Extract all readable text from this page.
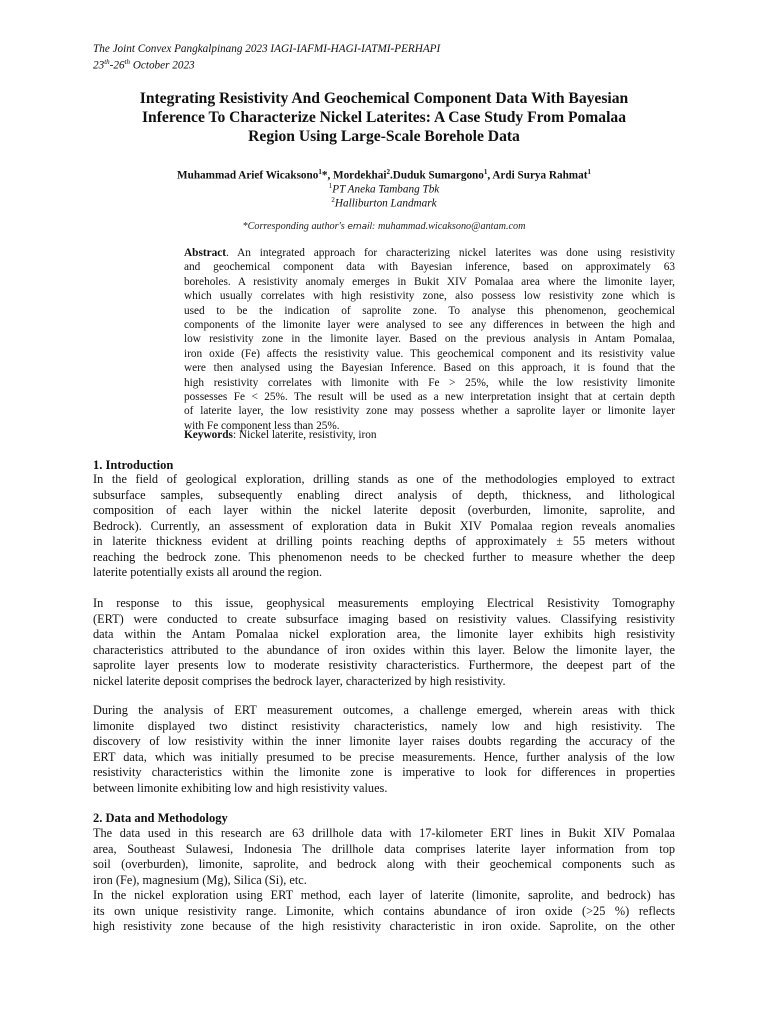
The Joint Convex Pangkalpinang 2023 IAGI-IAFMI-HAGI-IATMI-PERHAPI
23th-26th October 2023
Integrating Resistivity And Geochemical Component Data With Bayesian
Inference To Characterize Nickel Laterites: A Case Study From Pomalaa
Region Using Large-Scale Borehole Data
Muhammad Arief Wicaksono$^1$*, Mordekhai$^2$.Duduk Sumargono$^1$, Ardi Surya Rahmat$^1$
$^1$PT Aneka Tambang Tbk
$^2$Halliburton Landmark
*Corresponding author's email: muhammad.wicaksono@antam.com
Abstract. An integrated approach for characterizing nickel laterites was done using resistivity
and geochemical component data with Bayesian inference, based on approximately 63
boreholes. A resistivity anomaly emerges in Bukit XIV Pomalaa area where the limonite layer,
which usually correlates with high resistivity zone, also possess low resistivity zone which is
used to be the indication of saprolite zone. To analyse this phenomenon, geochemical
components of the limonite layer were analysed to see any differences in between the high and
low resistivity zone in the limonite layer. Based on the previous analysis in Antam Pomalaa,
iron oxide (Fe) affects the resistivity value. This geochemical component and its resistivity value
were then analysed using the Bayesian Inference. Based on this approach, it is found that the
high resistivity correlates with limonite with Fe > 25%, while the low resistivity limonite
possesses Fe < 25%. The result will be used as a new interpretation insight that at certain depth
of laterite layer, the low resistivity zone may possess whether a saprolite layer or limonite layer
with Fe component less than 25%.
Keywords: Nickel laterite, resistivity, iron
1. Introduction
In the field of geological exploration, drilling stands as one of the methodologies employed to extract
subsurface samples, subsequently enabling direct analysis of depth, thickness, and lithological
composition of each layer within the nickel laterite deposit (overburden, limonite, saprolite, and
Bedrock). Currently, an assessment of exploration data in Bukit XIV Pomalaa region reveals anomalies
in laterite thickness evident at drilling points reaching depths of approximately ± 55 meters without
reaching the bedrock zone. This phenomenon needs to be checked further to measure whether the deep
laterite potentially exists all around the region.
In response to this issue, geophysical measurements employing Electrical Resistivity Tomography
(ERT) were conducted to create subsurface imaging based on resistivity values. Classifying resistivity
data within the Antam Pomalaa nickel exploration area, the limonite layer exhibits high resistivity
characteristics attributed to the abundance of iron oxides within this layer. Below the limonite layer, the
saprolite layer presents low to moderate resistivity characteristics. Furthermore, the deepest part of the
nickel laterite deposit comprises the bedrock layer, characterized by high resistivity.
During the analysis of ERT measurement outcomes, a challenge emerged, wherein areas with thick
limonite displayed two distinct resistivity characteristics, namely low and high resistivity. The
discovery of low resistivity within the inner limonite layer raises doubts regarding the accuracy of the
ERT data, which was initially presumed to be precise measurements. Hence, further analysis of the low
resistivity characteristics within the limonite zone is imperative to look for differences in properties
between limonite exhibiting low and high resistivity values.
2. Data and Methodology
The data used in this research are 63 drillhole data with 17-kilometer ERT lines in Bukit XIV Pomalaa
area, Southeast Sulawesi, Indonesia The drillhole data comprises laterite layer information from top
soil (overburden), limonite, saprolite, and bedrock along with their geochemical components such as
iron (Fe), magnesium (Mg), Silica (Si), etc.
In the nickel exploration using ERT method, each layer of laterite (limonite, saprolite, and bedrock) has
its own unique resistivity range. Limonite, which contains abundance of iron oxide (>25 %) reflects
high resistivity zone because of the high resistivity characteristic in iron oxide. Saprolite, on the other
